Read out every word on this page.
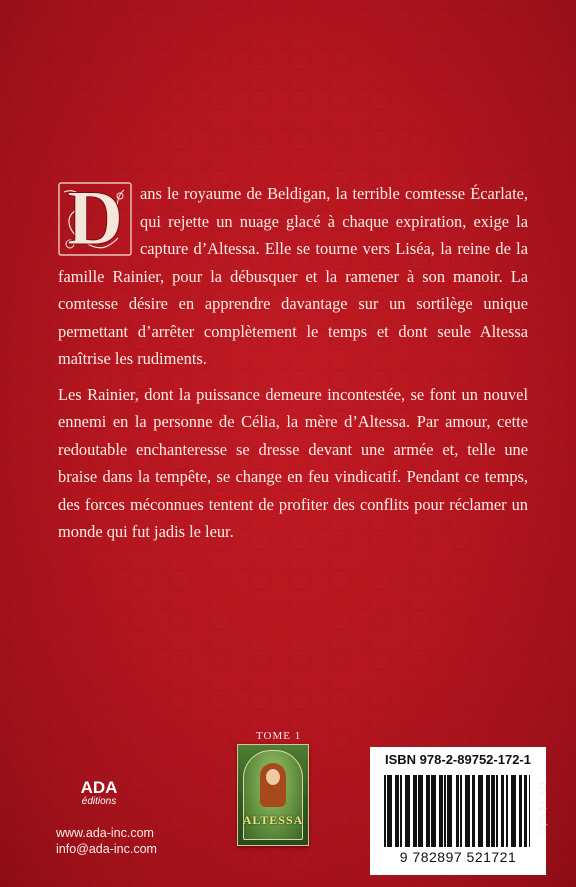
D ans le royaume de Beldigan, la terrible comtesse Écarlate, qui rejette un nuage glacé à chaque expiration, exige la capture d’Altessa. Elle se tourne vers Liséa, la reine de la famille Rainier, pour la débusquer et la ramener à son manoir. La comtesse désire en apprendre davantage sur un sortilège unique permettant d’arrêter complètement le temps et dont seule Altessa maîtrise les rudiments.

Les Rainier, dont la puissance demeure incontestée, se font un nouvel ennemi en la personne de Célia, la mère d’Altessa. Par amour, cette redoutable enchanteresse se dresse devant une armée et, telle une braise dans la tempête, se change en feu vindicatif. Pendant ce temps, des forces méconnues tentent de profiter des conflits pour réclamer un monde qui fut jadis le leur.

TOME 1
ALTESSA
ADA
éditions
www.ada-inc.com
info@ada-inc.com
ISBN 978-2-89752-172-1
9 782897 521721
12,95 $ CAD
